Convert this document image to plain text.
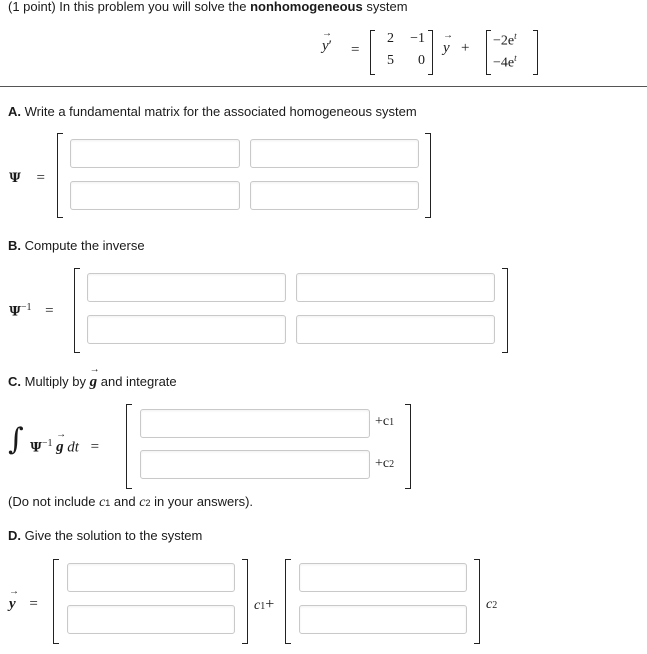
(1 point) In this problem you will solve the nonhomogeneous system
→
y′ =
2	−1
5	0
→
$y + -2e^t$
$-4e^t$
A. Write a fundamental matrix for the associated homogeneous system
Ψ =
B. Compute the inverse
$\Psi^{-1}$ =
C. Multiply by
→
g and integrate
∫ $\Psi^{-1}$
→
g dt =
+c1
+c2
(Do not include c1 and c2 in your answers).
D. Give the solution to the system
→
y =	c1+	c2
